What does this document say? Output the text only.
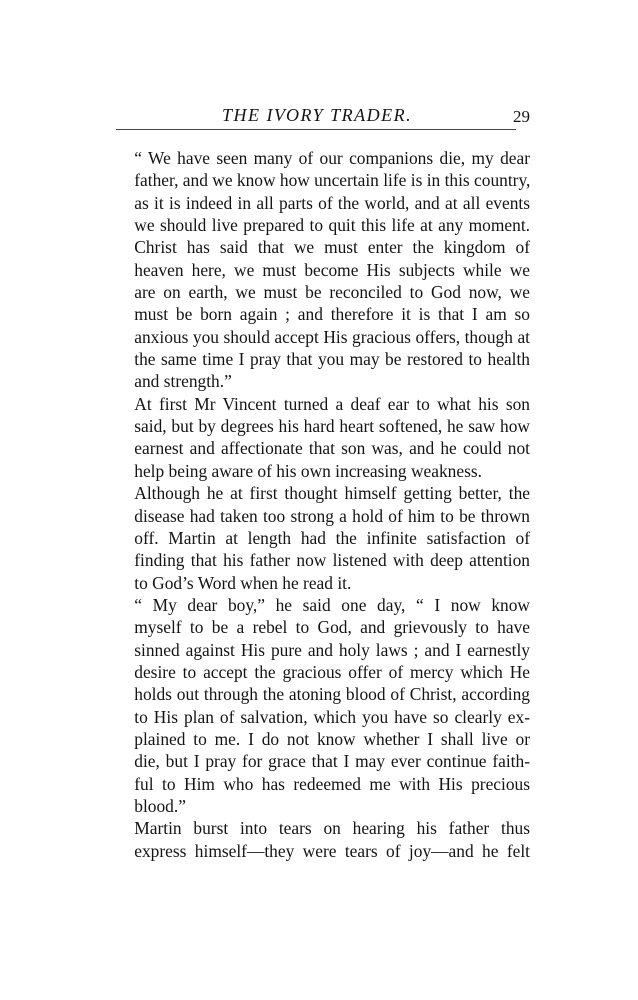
THE IVORY TRADER.	29

“ We have seen many of our companions die, my dear
father, and we know how uncertain life is in this country,
as it is indeed in all parts of the world, and at all events
we should live prepared to quit this life at any moment.
Christ has said that we must enter the kingdom of
heaven here, we must become His subjects while we
are on earth, we must be reconciled to God now, we
must be born again ; and therefore it is that I am so
anxious you should accept His gracious offers, though at
the same time I pray that you may be restored to health
and strength.”

At first Mr Vincent turned a deaf ear to what his son
said, but by degrees his hard heart softened, he saw how
earnest and affectionate that son was, and he could not
help being aware of his own increasing weakness.

Although he at first thought himself getting better, the
disease had taken too strong a hold of him to be thrown
off. Martin at length had the infinite satisfaction of
finding that his father now listened with deep attention
to God’s Word when he read it.

“ My dear boy,” he said one day, “ I now know
myself to be a rebel to God, and grievously to have
sinned against His pure and holy laws ; and I earnestly
desire to accept the gracious offer of mercy which He
holds out through the atoning blood of Christ, according
to His plan of salvation, which you have so clearly ex-
plained to me. I do not know whether I shall live or
die, but I pray for grace that I may ever continue faith-
ful to Him who has redeemed me with His precious
blood.”

Martin burst into tears on hearing his father thus
express himself—they were tears of joy—and he felt
